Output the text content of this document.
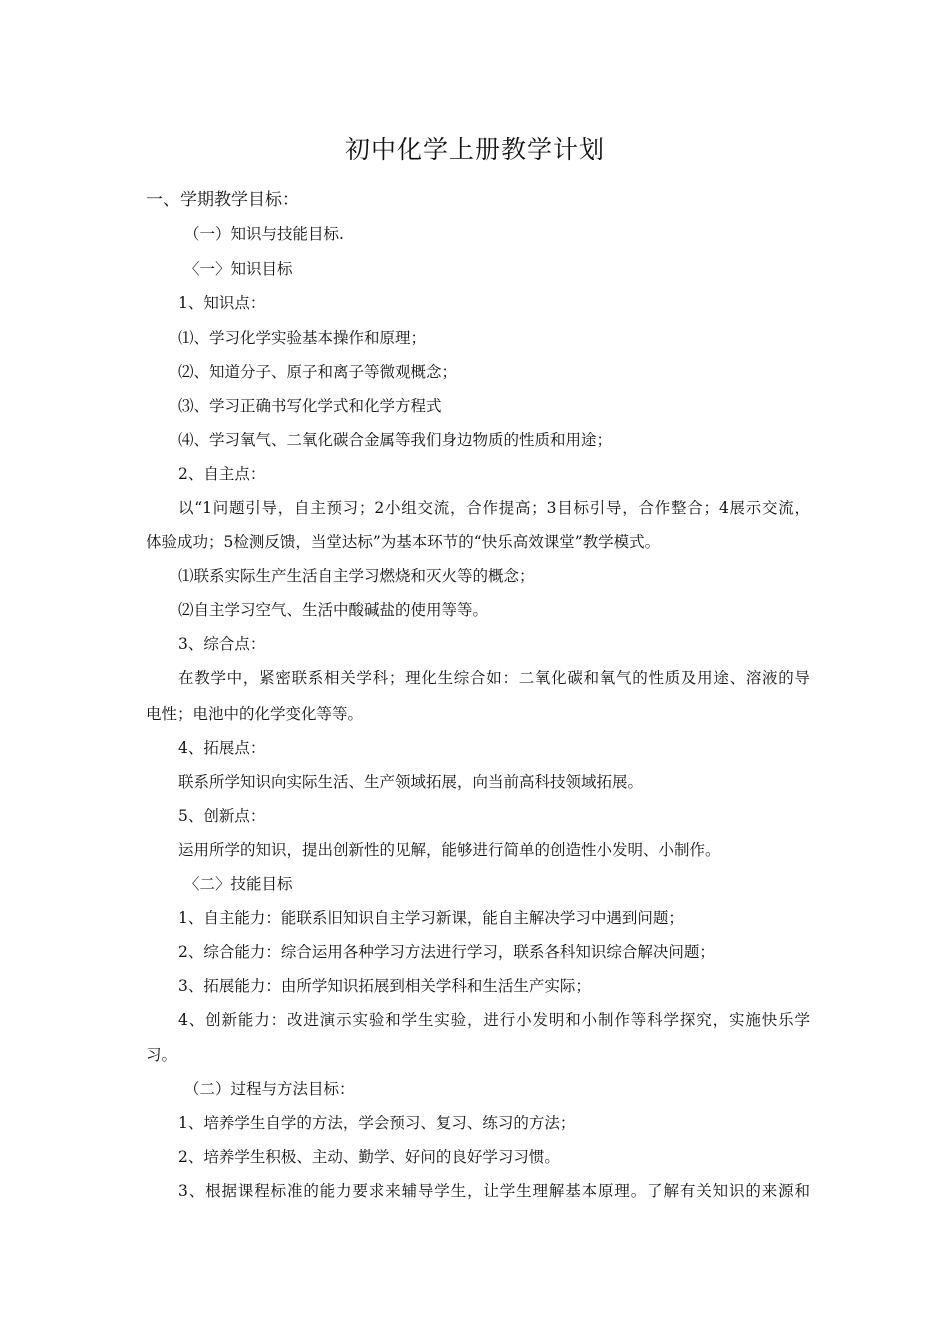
初中化学上册教学计划
一、学期教学目标：
（一）知识与技能目标.
〈一〉知识目标
1、知识点：
⑴、学习化学实验基本操作和原理；
⑵、知道分子、原子和离子等微观概念；
⑶、学习正确书写化学式和化学方程式
⑷、学习氧气、二氧化碳合金属等我们身边物质的性质和用途；
2、自主点：
以“1问题引导，自主预习；2小组交流，合作提高；3目标引导，合作整合；4展示交流，
体验成功；5检测反馈，当堂达标”为基本环节的“快乐高效课堂”教学模式。
⑴联系实际生产生活自主学习燃烧和灭火等的概念；
⑵自主学习空气、生活中酸碱盐的使用等等。
3、综合点：
在教学中，紧密联系相关学科；理化生综合如：二氧化碳和氧气的性质及用途、溶液的导
电性；电池中的化学变化等等。
4、拓展点：
联系所学知识向实际生活、生产领域拓展，向当前高科技领域拓展。
5、创新点：
运用所学的知识，提出创新性的见解，能够进行简单的创造性小发明、小制作。
〈二〉技能目标
1、自主能力：能联系旧知识自主学习新课，能自主解决学习中遇到问题；
2、综合能力：综合运用各种学习方法进行学习，联系各科知识综合解决问题；
3、拓展能力：由所学知识拓展到相关学科和生活生产实际；
4、创新能力：改进演示实验和学生实验，进行小发明和小制作等科学探究，实施快乐学
习。
（二）过程与方法目标：
1、培养学生自学的方法，学会预习、复习、练习的方法；
2、培养学生积极、主动、勤学、好问的良好学习习惯。
3、根据课程标准的能力要求来辅导学生，让学生理解基本原理。了解有关知识的来源和
